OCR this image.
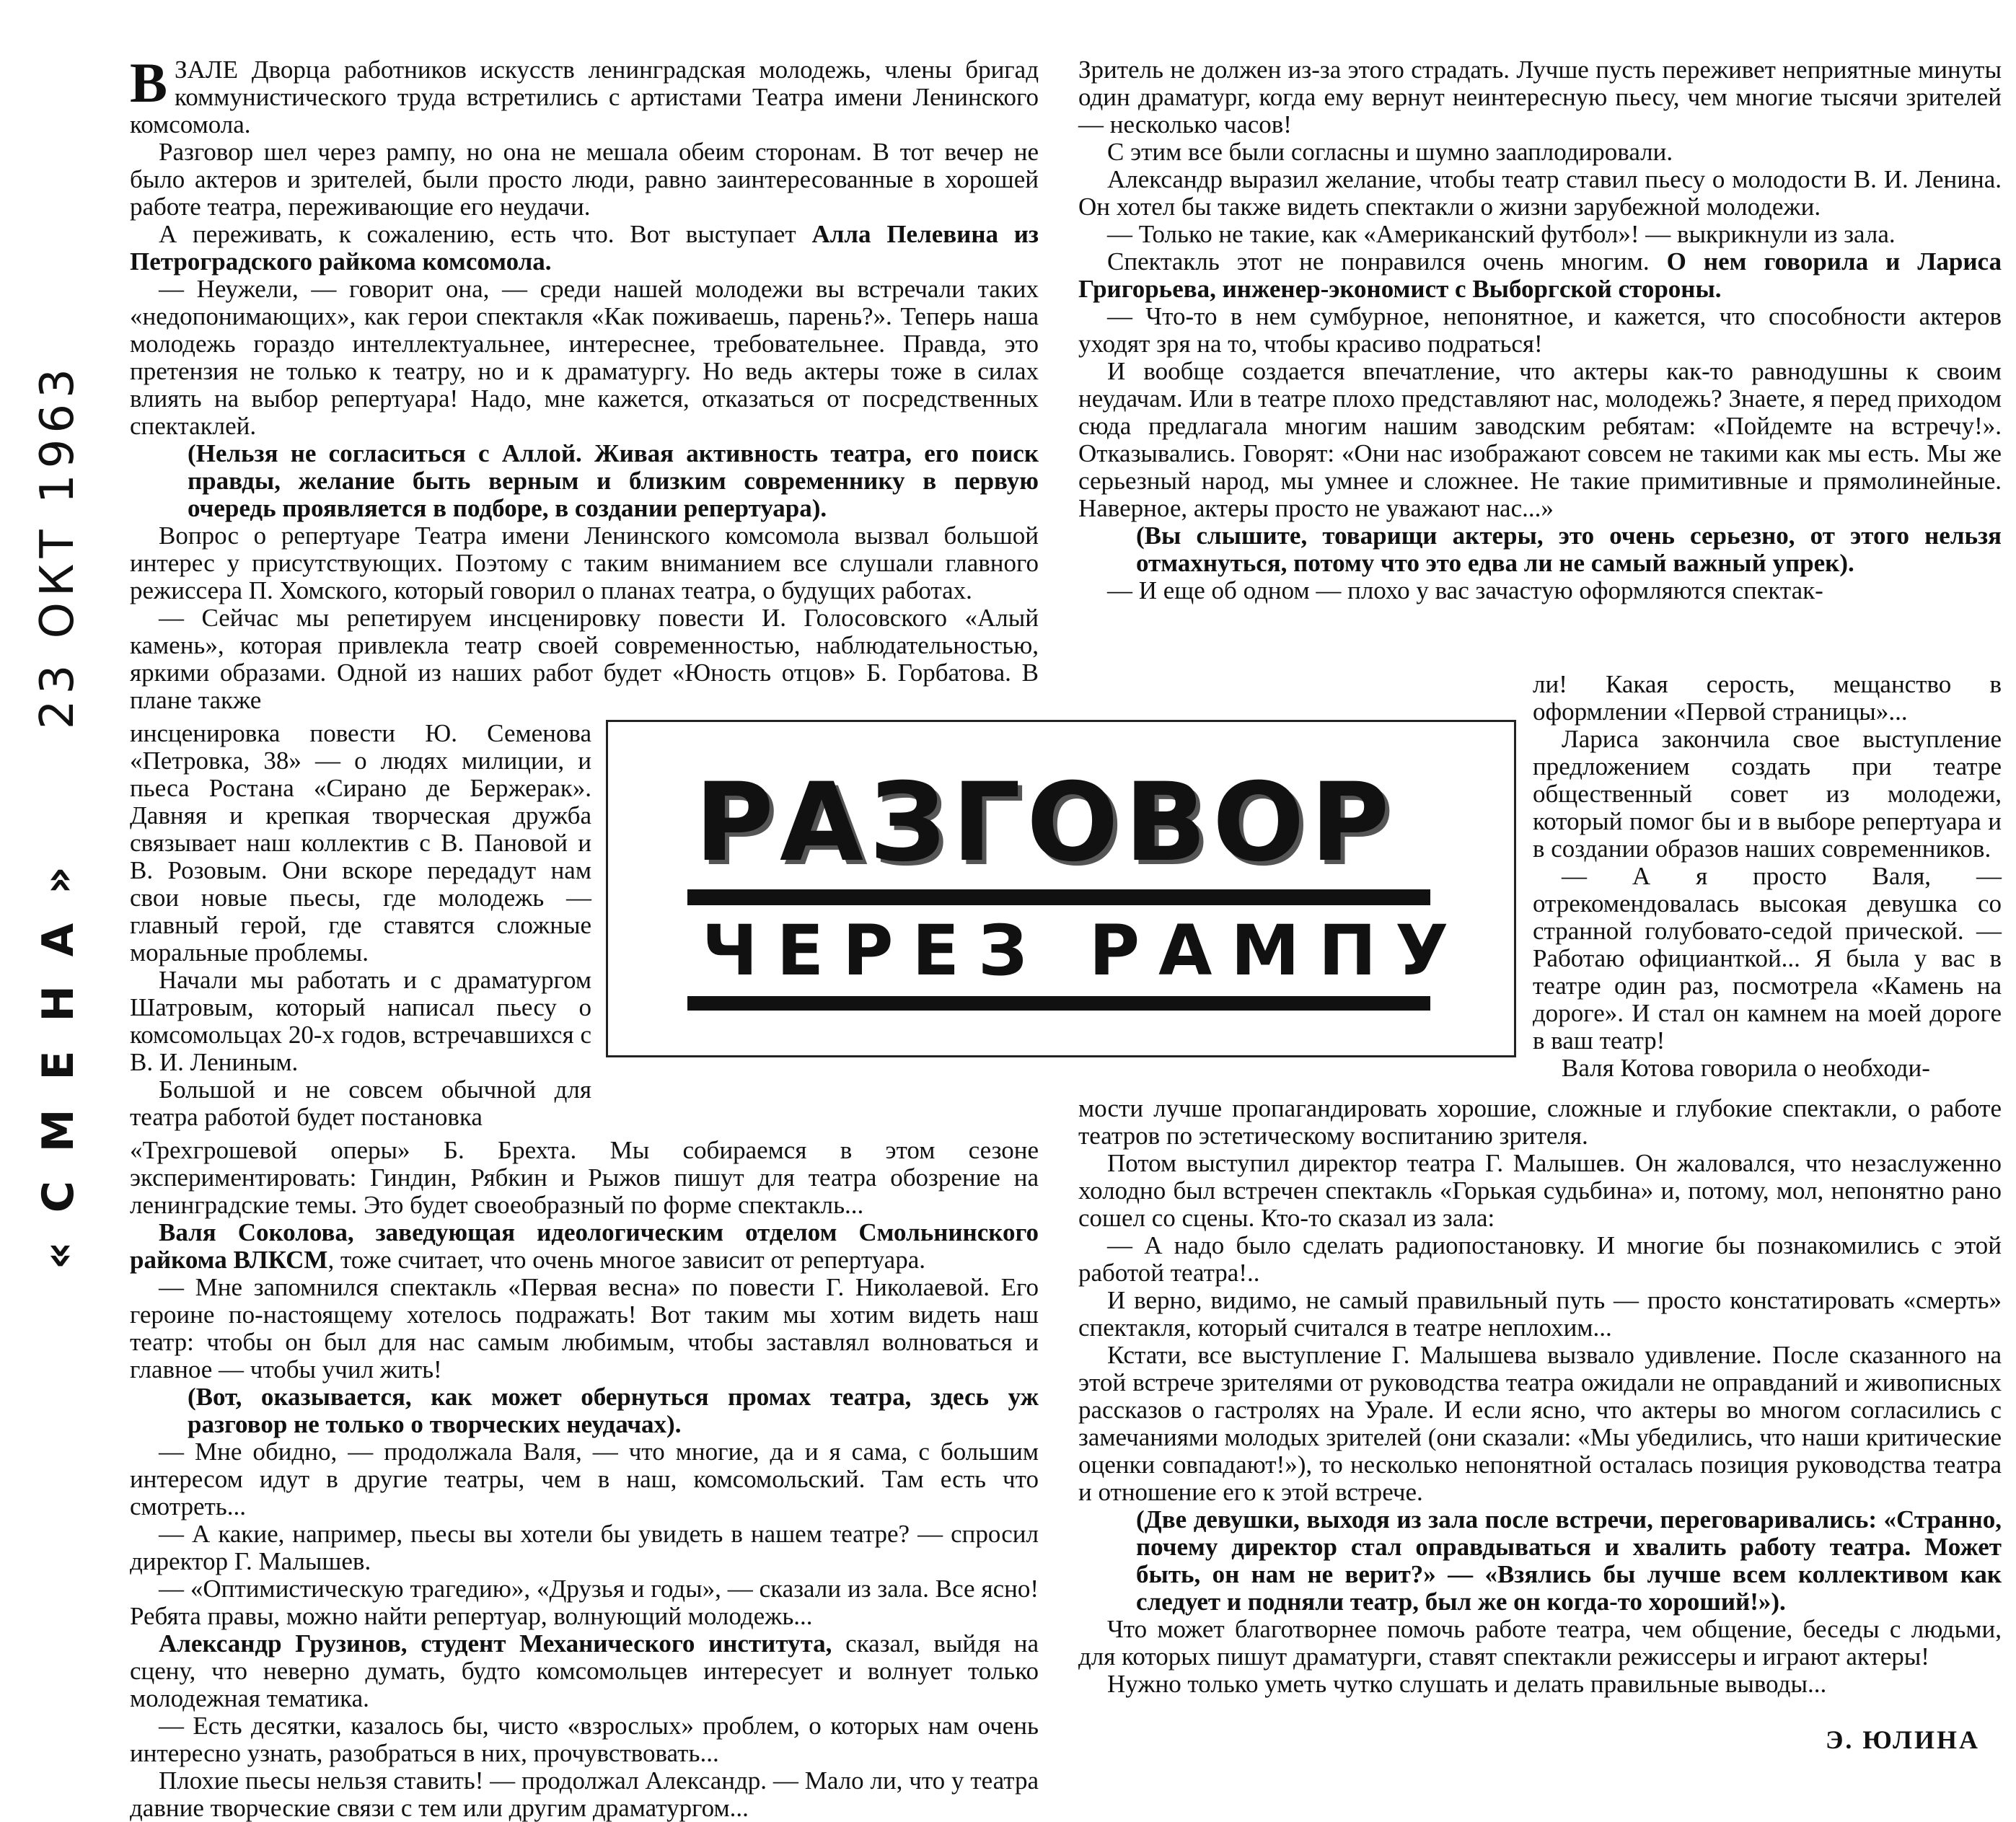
«СМЕНА»23 ОКТ 1963

ВЗАЛЕ Дворца работников искусств ленинградская молодежь, члены бригад коммунистического труда встретились с артистами Театра имени Ленинского комсомола.

Разговор шел через рампу, но она не мешала обеим сторонам. В тот вечер не было актеров и зрителей, были просто люди, равно заинтересованные в хорошей работе театра, переживающие его неудачи.

А переживать, к сожалению, есть что. Вот выступает Алла Пелевина из Петроградского райкома комсомола.

— Неужели, — говорит она, — среди нашей молодежи вы встречали таких «недопонимающих», как герои спектакля «Как поживаешь, парень?». Теперь наша молодежь гораздо интеллектуальнее, интереснее, требовательнее. Правда, это претензия не только к театру, но и к драматургу. Но ведь актеры тоже в силах влиять на выбор репертуара! Надо, мне кажется, отказаться от посредственных спектаклей.

(Нельзя не согласиться с Аллой. Живая активность театра, его поиск правды, желание быть верным и близким современнику в первую очередь проявляется в подборе, в создании репертуара).

Вопрос о репертуаре Театра имени Ленинского комсомола вызвал большой интерес у присутствующих. Поэтому с таким вниманием все слушали главного режиссера П. Хомского, который говорил о планах театра, о будущих работах.

— Сейчас мы репетируем инсценировку повести И. Голосовского «Алый камень», которая привлекла театр своей современностью, наблюдательностью, яркими образами. Одной из наших работ будет «Юность отцов» Б. Горбатова. В плане также

инсценировка повести Ю. Семенова «Петровка, 38» — о людях милиции, и пьеса Ростана «Сирано де Бержерак». Давняя и крепкая творческая дружба связывает наш коллектив с В. Пановой и В. Розовым. Они вскоре передадут нам свои новые пьесы, где молодежь — главный герой, где ставятся сложные моральные проблемы.

Начали мы работать и с драматургом Шатровым, который написал пьесу о комсомольцах 20-х годов, встречавшихся с В. И. Лениным.

Большой и не совсем обычной для театра работой будет постановка

«Трехгрошевой оперы» Б. Брехта. Мы собираемся в этом сезоне экспериментировать: Гиндин, Рябкин и Рыжов пишут для театра обозрение на ленинградские темы. Это будет своеобразный по форме спектакль...

Валя Соколова, заведующая идеологическим отделом Смольнинского райкома ВЛКСМ, тоже считает, что очень многое зависит от репертуара.

— Мне запомнился спектакль «Первая весна» по повести Г. Николаевой. Его героине по-настоящему хотелось подражать! Вот таким мы хотим видеть наш театр: чтобы он был для нас самым любимым, чтобы заставлял волноваться и главное — чтобы учил жить!

(Вот, оказывается, как может обернуться промах театра, здесь уж разговор не только о творческих неудачах).

— Мне обидно, — продолжала Валя, — что многие, да и я сама, с большим интересом идут в другие театры, чем в наш, комсомольский. Там есть что смотреть...

— А какие, например, пьесы вы хотели бы увидеть в нашем театре? — спросил директор Г. Малышев.

— «Оптимистическую трагедию», «Друзья и годы», — сказали из зала. Все ясно! Ребята правы, можно найти репертуар, волнующий молодежь...

Александр Грузинов, студент Механического института, сказал, выйдя на сцену, что неверно думать, будто комсомольцев интересует и волнует только молодежная тематика.

— Есть десятки, казалось бы, чисто «взрослых» проблем, о которых нам очень интересно узнать, разобраться в них, прочувствовать...

Плохие пьесы нельзя ставить! — продолжал Александр. — Мало ли, что у театра давние творческие связи с тем или другим драматургом...

Зритель не должен из-за этого страдать. Лучше пусть переживет неприятные минуты один драматург, когда ему вернут неинтересную пьесу, чем многие тысячи зрителей — несколько часов!

С этим все были согласны и шумно зааплодировали.

Александр выразил желание, чтобы театр ставил пьесу о молодости В. И. Ленина. Он хотел бы также видеть спектакли о жизни зарубежной молодежи.

— Только не такие, как «Американский футбол»! — выкрикнули из зала.

Спектакль этот не понравился очень многим. О нем говорила и Лариса Григорьева, инженер-экономист с Выборгской стороны.

— Что-то в нем сумбурное, непонятное, и кажется, что способности актеров уходят зря на то, чтобы красиво подраться!

И вообще создается впечатление, что актеры как-то равнодушны к своим неудачам. Или в театре плохо представляют нас, молодежь? Знаете, я перед приходом сюда предлагала многим нашим заводским ребятам: «Пойдемте на встречу!». Отказывались. Говорят: «Они нас изображают совсем не такими как мы есть. Мы же серьезный народ, мы умнее и сложнее. Не такие примитивные и прямолинейные. Наверное, актеры просто не уважают нас...»

(Вы слышите, товарищи актеры, это очень серьезно, от этого нельзя отмахнуться, потому что это едва ли не самый важный упрек).

— И еще об одном — плохо у вас зачастую оформляются спектак-

ли! Какая серость, мещанство в оформлении «Первой страницы»...

Лариса закончила свое выступление предложением создать при театре общественный совет из молодежи, который помог бы и в выборе репертуара и в создании образов наших современников.

— А я просто Валя, — отрекомендовалась высокая девушка со странной голубовато-седой прической. — Работаю официанткой... Я была у вас в театре один раз, посмотрела «Камень на дороге». И стал он камнем на моей дороге в ваш театр!

Валя Котова говорила о необходи-

мости лучше пропагандировать хорошие, сложные и глубокие спектакли, о работе театров по эстетическому воспитанию зрителя.

Потом выступил директор театра Г. Малышев. Он жаловался, что незаслуженно холодно был встречен спектакль «Горькая судьбина» и, потому, мол, непонятно рано сошел со сцены. Кто-то сказал из зала:

— А надо было сделать радиопостановку. И многие бы познакомились с этой работой театра!..

И верно, видимо, не самый правильный путь — просто констатировать «смерть» спектакля, который считался в театре неплохим...

Кстати, все выступление Г. Малышева вызвало удивление. После сказанного на этой встрече зрителями от руководства театра ожидали не оправданий и живописных рассказов о гастролях на Урале. И если ясно, что актеры во многом согласились с замечаниями молодых зрителей (они сказали: «Мы убедились, что наши критические оценки совпадают!»), то несколько непонятной осталась позиция руководства театра и отношение его к этой встрече.

(Две девушки, выходя из зала после встречи, переговаривались: «Странно, почему директор стал оправдываться и хвалить работу театра. Может быть, он нам не верит?» — «Взялись бы лучше всем коллективом как следует и подняли театр, был же он когда-то хороший!»).

Что может благотворнее помочь работе театра, чем общение, беседы с людьми, для которых пишут драматурги, ставят спектакли режиссеры и играют актеры!

Нужно только уметь чутко слушать и делать правильные выводы...

РАЗГОВОР
ЧЕРЕЗ РАМПУ
Э. ЮЛИНА
